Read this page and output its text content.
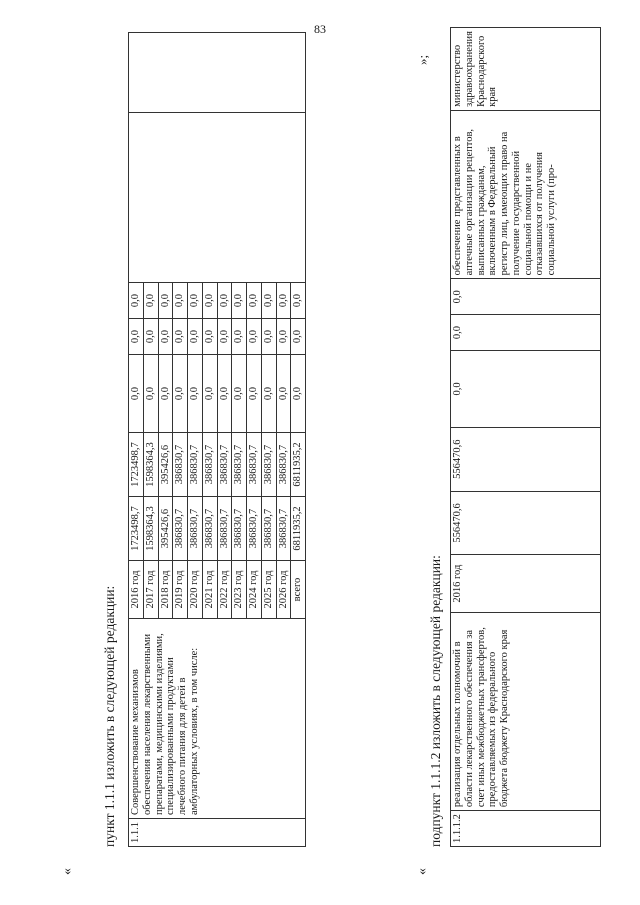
83
«
пункт 1.1.1 изложить в следующей редакции: 1.1.1	Совершенствование механизмов обеспечения населения лекарственными препаратами, медицинскими изделиями, специализированными продуктами лечебного питания для детей в амбулаторных условиях, в том числе:	2016 год	1723498,7	1723498,7	0,0	0,0	0,0		
		2017 год	1598364,3	1598364,3	0,0	0,0	0,0		
		2018 год	395426,6	395426,6	0,0	0,0	0,0		
		2019 год	386830,7	386830,7	0,0	0,0	0,0		
		2020 год	386830,7	386830,7	0,0	0,0	0,0		
		2021 год	386830,7	386830,7	0,0	0,0	0,0		
		2022 год	386830,7	386830,7	0,0	0,0	0,0		
		2023 год	386830,7	386830,7	0,0	0,0	0,0		
		2024 год	386830,7	386830,7	0,0	0,0	0,0		
		2025 год	386830,7	386830,7	0,0	0,0	0,0		
		2026 год	386830,7	386830,7	0,0	0,0	0,0		
		всего	6811935,2	6811935,2	0,0	0,0	0,0		
»;
«
подпункт 1.1.1.2 изложить в следующей редакции: 1.1.1.2	реализация отдельных полномочий в области лекарственного обеспечения за счет иных межбюджетных трансфертов, предоставляемых из федерального бюджета бюджету Краснодарского края	2016 год	556470,6	556470,6	0,0	0,0	0,0	обеспечение представленных в аптечные организации рецептов, выписанных гражданам, включенным в Федеральный регистр лиц, имеющих право на получение государственной социальной помощи и не отказавшихся от получения социальной услуги (про-	министерство здравоохранения Краснодарского края
